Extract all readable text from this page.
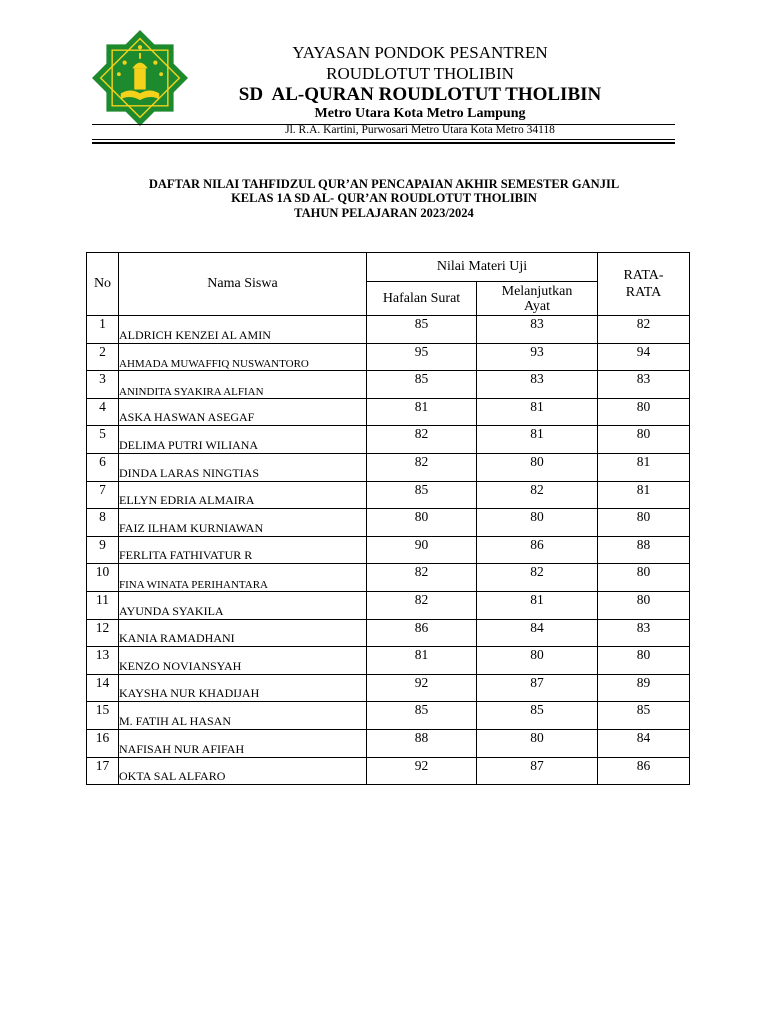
YAYASAN PONDOK PESANTREN
ROUDLOTUT THOLIBIN
SD  AL-QURAN ROUDLOTUT THOLIBIN
Metro Utara Kota Metro Lampung
Jl. R.A. Kartini, Purwosari Metro Utara Kota Metro 34118
DAFTAR NILAI TAHFIDZUL QUR’AN PENCAPAIAN AKHIR SEMESTER GANJIL
KELAS 1A SD AL- QUR’AN ROUDLOTUT THOLIBIN
TAHUN PELAJARAN 2023/2024
No	Nama Siswa	Nilai Materi Uji		RATA-
RATA
		Hafalan Surat	Melanjutkan
Ayat	
1	ALDRICH KENZEI AL AMIN	85	83	82
2	AHMADA MUWAFFIQ NUSWANTORO	95	93	94
3	ANINDITA SYAKIRA ALFIAN	85	83	83
4	ASKA HASWAN ASEGAF	81	81	80
5	DELIMA PUTRI WILIANA	82	81	80
6	DINDA LARAS NINGTIAS	82	80	81
7	ELLYN EDRIA ALMAIRA	85	82	81
8	FAIZ ILHAM KURNIAWAN	80	80	80
9	FERLITA FATHIVATUR R	90	86	88
10	FINA WINATA PERIHANTARA	82	82	80
11	AYUNDA SYAKILA	82	81	80
12	KANIA RAMADHANI	86	84	83
13	KENZO NOVIANSYAH	81	80	80
14	KAYSHA NUR KHADIJAH	92	87	89
15	M. FATIH AL HASAN	85	85	85
16	NAFISAH NUR AFIFAH	88	80	84
17	OKTA SAL ALFARO	92	87	86
